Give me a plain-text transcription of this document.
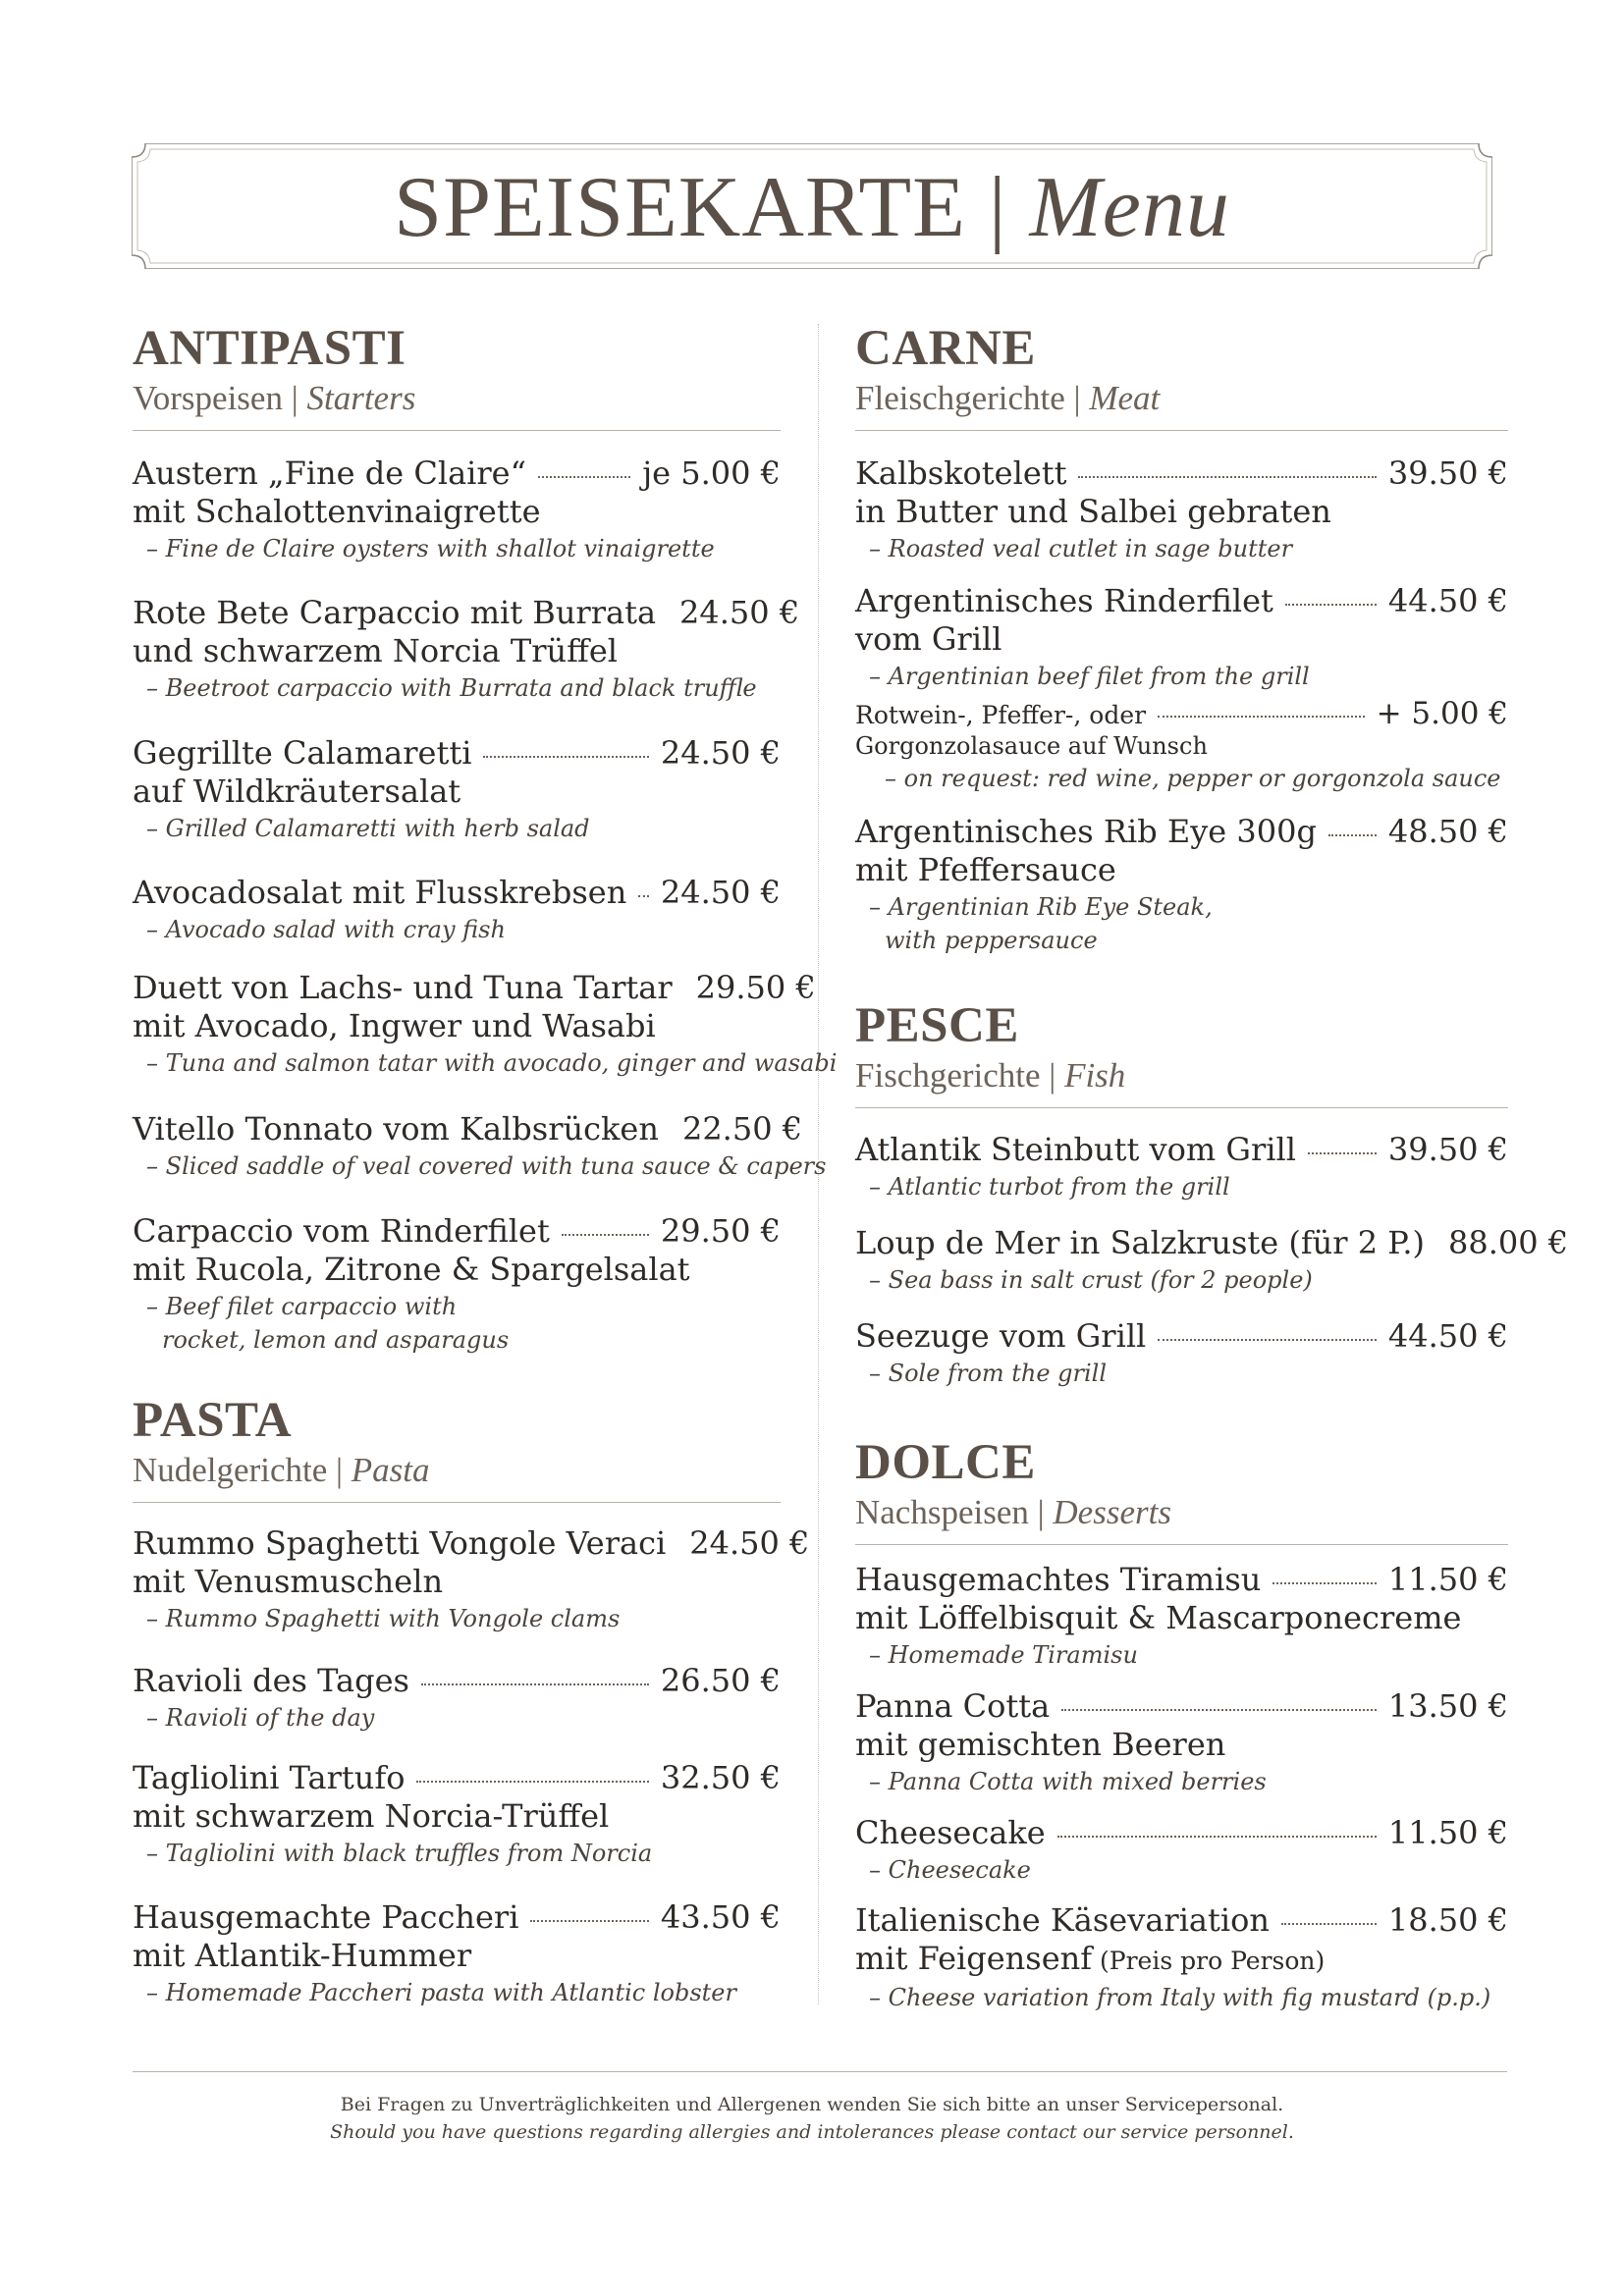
SPEISEKARTE | Menu
ANTIPASTI
Vorspeisen | Starters
Austern „Fine de Claire“	je 5.00 €
mit Schalottenvinaigrette
– Fine de Claire oysters with shallot vinaigrette
Rote Bete Carpaccio mit Burrata 24.50 €
und schwarzem Norcia Trüffel
– Beetroot carpaccio with Burrata and black truffle
Gegrillte Calamaretti	24.50 €
auf Wildkräutersalat
– Grilled Calamaretti with herb salad
Avocadosalat mit Flusskrebsen 24.50 €
– Avocado salad with cray fish
Duett von Lachs- und Tuna Tartar 29.50 €
mit Avocado, Ingwer und Wasabi
– Tuna and salmon tatar with avocado, ginger and wasabi
Vitello Tonnato vom Kalbsrücken 22.50 €
– Sliced saddle of veal covered with tuna sauce & capers
Carpaccio vom Rinderfilet	29.50 €
mit Rucola, Zitrone & Spargelsalat
– Beef filet carpaccio with
rocket, lemon and asparagus
PASTA
Nudelgerichte | Pasta
Rummo Spaghetti Vongole Veraci 24.50 €
mit Venusmuscheln
– Rummo Spaghetti with Vongole clams
Ravioli des Tages	26.50 €
– Ravioli of the day
Tagliolini Tartufo	32.50 €
mit schwarzem Norcia-Trüffel
– Tagliolini with black truffles from Norcia
Hausgemachte Paccheri	43.50 €
mit Atlantik-Hummer
– Homemade Paccheri pasta with Atlantic lobster
CARNE
Fleischgerichte | Meat
Kalbskotelett	39.50 €
in Butter und Salbei gebraten
– Roasted veal cutlet in sage butter
Argentinisches Rinderfilet	44.50 €
vom Grill
– Argentinian beef filet from the grill
Rotwein-, Pfeffer-, oder	+ 5.00 €
Gorgonzolasauce auf Wunsch
– on request: red wine, pepper or gorgonzola sauce
Argentinisches Rib Eye 300g 48.50 €
mit Pfeffersauce
– Argentinian Rib Eye Steak,
with peppersauce
PESCE
Fischgerichte | Fish
Atlantik Steinbutt vom Grill	39.50 €
– Atlantic turbot from the grill
Loup de Mer in Salzkruste (für 2 P.) 88.00 €
– Sea bass in salt crust (for 2 people)
Seezuge vom Grill	44.50 €
– Sole from the grill
DOLCE
Nachspeisen | Desserts
Hausgemachtes Tiramisu	11.50 €
mit Löffelbisquit & Mascarponecreme
– Homemade Tiramisu
Panna Cotta	13.50 €
mit gemischten Beeren
– Panna Cotta with mixed berries
Cheesecake	11.50 €
– Cheesecake
Italienische Käsevariation	18.50 €
mit Feigensenf (Preis pro Person)
– Cheese variation from Italy with fig mustard (p.p.)
Bei Fragen zu Unverträglichkeiten und Allergenen wenden Sie sich bitte an unser Servicepersonal.
Should you have questions regarding allergies and intolerances please contact our service personnel.
